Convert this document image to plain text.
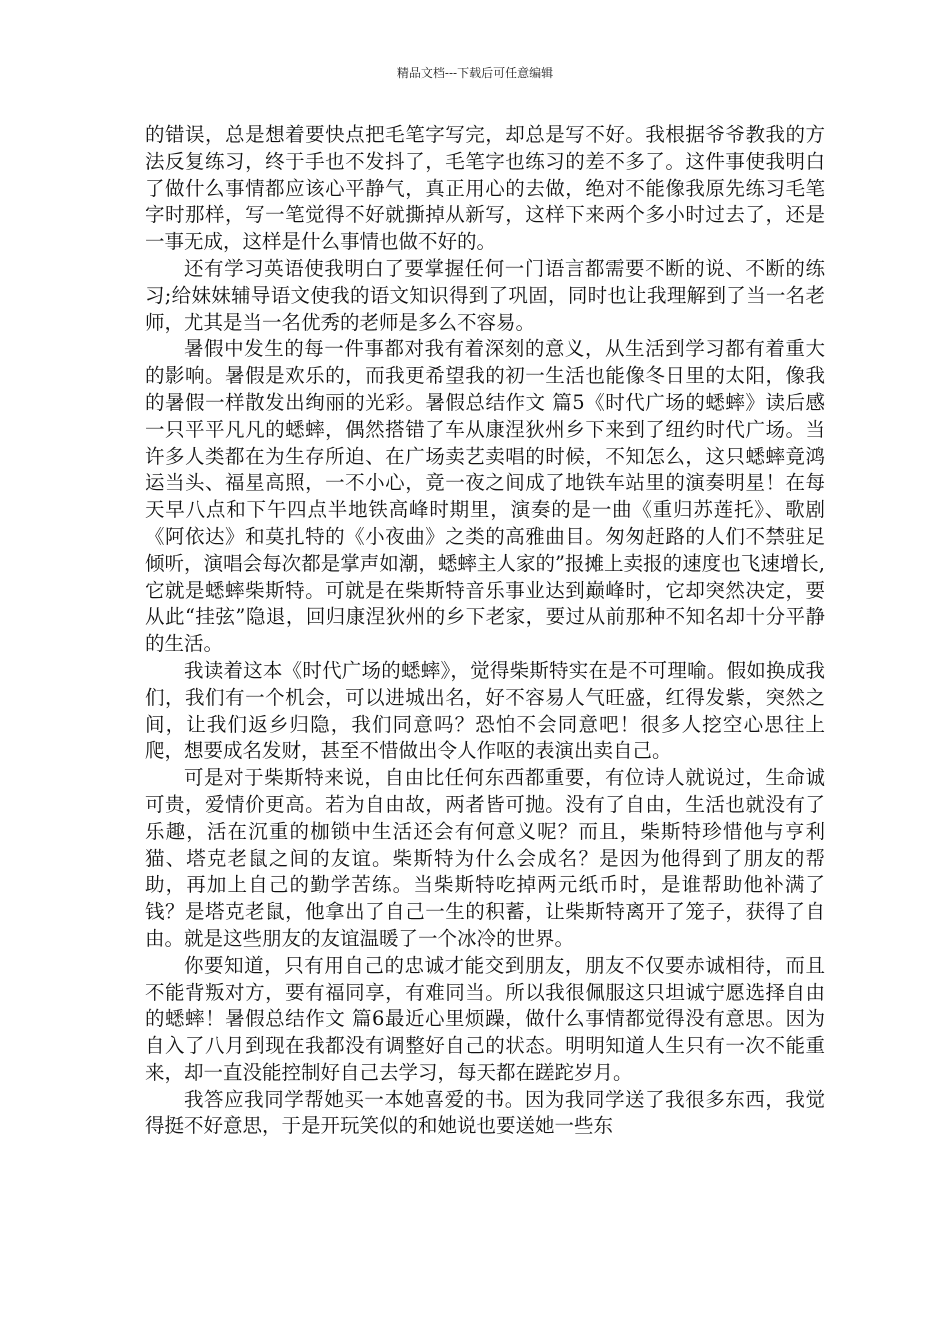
精品文档---下载后可任意编辑

的错误，总是想着要快点把毛笔字写完，却总是写不好。我根据爷爷教我的方法反复练习，终于手也不发抖了，毛笔字也练习的差不多了。这件事使我明白了做什么事情都应该心平静气，真正用心的去做，绝对不能像我原先练习毛笔字时那样，写一笔觉得不好就撕掉从新写，这样下来两个多小时过去了，还是一事无成，这样是什么事情也做不好的。

还有学习英语使我明白了要掌握任何一门语言都需要不断的说、不断的练习;给妹妹辅导语文使我的语文知识得到了巩固，同时也让我理解到了当一名老师，尤其是当一名优秀的老师是多么不容易。

暑假中发生的每一件事都对我有着深刻的意义，从生活到学习都有着重大的影响。暑假是欢乐的，而我更希望我的初一生活也能像冬日里的太阳，像我的暑假一样散发出绚丽的光彩。暑假总结作文 篇5《时代广场的蟋蟀》读后感 一只平平凡凡的蟋蟀，偶然搭错了车从康涅狄州乡下来到了纽约时代广场。当许多人类都在为生存所迫、在广场卖艺卖唱的时候，不知怎么，这只蟋蟀竟鸿运当头、福星高照，一不小心，竟一夜之间成了地铁车站里的演奏明星！在每天早八点和下午四点半地铁高峰时期里，演奏的是一曲《重归苏莲托》、歌剧《阿依达》和莫扎特的《小夜曲》之类的高雅曲目。匆匆赶路的人们不禁驻足倾听，演唱会每次都是掌声如潮，蟋蟀主人家的”报摊上卖报的速度也飞速增长,它就是蟋蟀柴斯特。可就是在柴斯特音乐事业达到巅峰时，它却突然决定，要从此“挂弦”隐退，回归康涅狄州的乡下老家，要过从前那种不知名却十分平静的生活。

我读着这本《时代广场的蟋蟀》，觉得柴斯特实在是不可理喻。假如换成我们，我们有一个机会，可以进城出名，好不容易人气旺盛，红得发紫，突然之间，让我们返乡归隐，我们同意吗？恐怕不会同意吧！很多人挖空心思往上爬，想要成名发财，甚至不惜做出令人作呕的表演出卖自己。

可是对于柴斯特来说，自由比任何东西都重要，有位诗人就说过，生命诚可贵，爱情价更高。若为自由故，两者皆可抛。没有了自由，生活也就没有了乐趣，活在沉重的枷锁中生活还会有何意义呢？而且，柴斯特珍惜他与亨利猫、塔克老鼠之间的友谊。柴斯特为什么会成名？是因为他得到了朋友的帮助，再加上自己的勤学苦练。当柴斯特吃掉两元纸币时，是谁帮助他补满了钱？是塔克老鼠，他拿出了自己一生的积蓄，让柴斯特离开了笼子，获得了自由。就是这些朋友的友谊温暖了一个冰冷的世界。

你要知道，只有用自己的忠诚才能交到朋友，朋友不仅要赤诚相待，而且不能背叛对方，要有福同享，有难同当。所以我很佩服这只坦诚宁愿选择自由的蟋蟀！暑假总结作文 篇6最近心里烦躁，做什么事情都觉得没有意思。因为自入了八月到现在我都没有调整好自己的状态。明明知道人生只有一次不能重来，却一直没能控制好自己去学习，每天都在蹉跎岁月。

我答应我同学帮她买一本她喜爱的书。因为我同学送了我很多东西，我觉得挺不好意思，于是开玩笑似的和她说也要送她一些东
